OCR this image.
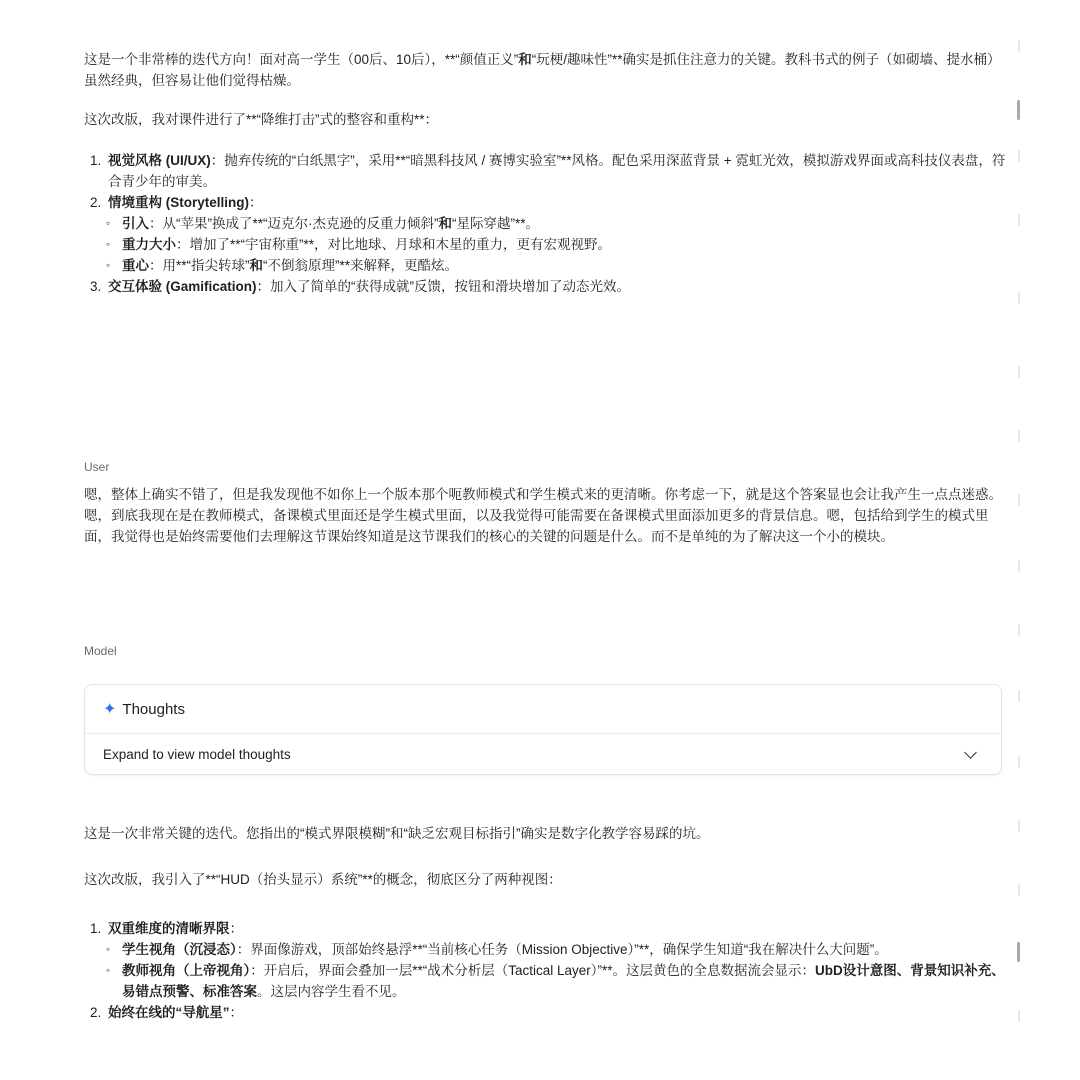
这是一个非常棒的迭代方向！面对高一学生（00后、10后），**“颜值正义”和“玩梗/趣味性”**确实是抓住注意力的关键。教科书式的例子（如砌墙、提水桶）虽然经典，但容易让他们觉得枯燥。

这次改版，我对课件进行了**“降维打击”式的整容和重构**：

1. 视觉风格 (UI/UX)：抛弃传统的“白纸黑字”，采用**“暗黑科技风 / 赛博实验室”**风格。配色采用深蓝背景 + 霓虹光效，模拟游戏界面或高科技仪表盘，符合青少年的审美。
2. 情境重构 (Storytelling)：
◦ 引入：从“苹果”换成了**“迈克尔·杰克逊的反重力倾斜”和“星际穿越”**。
◦ 重力大小：增加了**“宇宙称重”**，对比地球、月球和木星的重力，更有宏观视野。
◦ 重心：用**“指尖转球”和“不倒翁原理”**来解释，更酷炫。
3. 交互体验 (Gamification)：加入了简单的“获得成就”反馈，按钮和滑块增加了动态光效。

User

嗯，整体上确实不错了，但是我发现他不如你上一个版本那个呃教师模式和学生模式来的更清晰。你考虑一下，就是这个答案显也会让我产生一点点迷惑。嗯，到底我现在是在教师模式，备课模式里面还是学生模式里面，以及我觉得可能需要在备课模式里面添加更多的背景信息。嗯，包括给到学生的模式里面，我觉得也是始终需要他们去理解这节课始终知道是这节课我们的核心的关键的问题是什么。而不是单纯的为了解决这一个小的模块。

Model

✦ Thoughts
Expand to view model thoughts

这是一次非常关键的迭代。您指出的“模式界限模糊”和“缺乏宏观目标指引”确实是数字化教学容易踩的坑。

这次改版，我引入了**“HUD（抬头显示）系统”**的概念，彻底区分了两种视图：

1. 双重维度的清晰界限：
◦ 学生视角（沉浸态）：界面像游戏，顶部始终悬浮**“当前核心任务（Mission Objective）”**，确保学生知道“我在解决什么大问题”。
◦ 教师视角（上帝视角）：开启后，界面会叠加一层**“战术分析层（Tactical Layer）”**。这层黄色的全息数据流会显示：UbD设计意图、背景知识补充、易错点预警、标准答案。这层内容学生看不见。
2. 始终在线的“导航星”：
